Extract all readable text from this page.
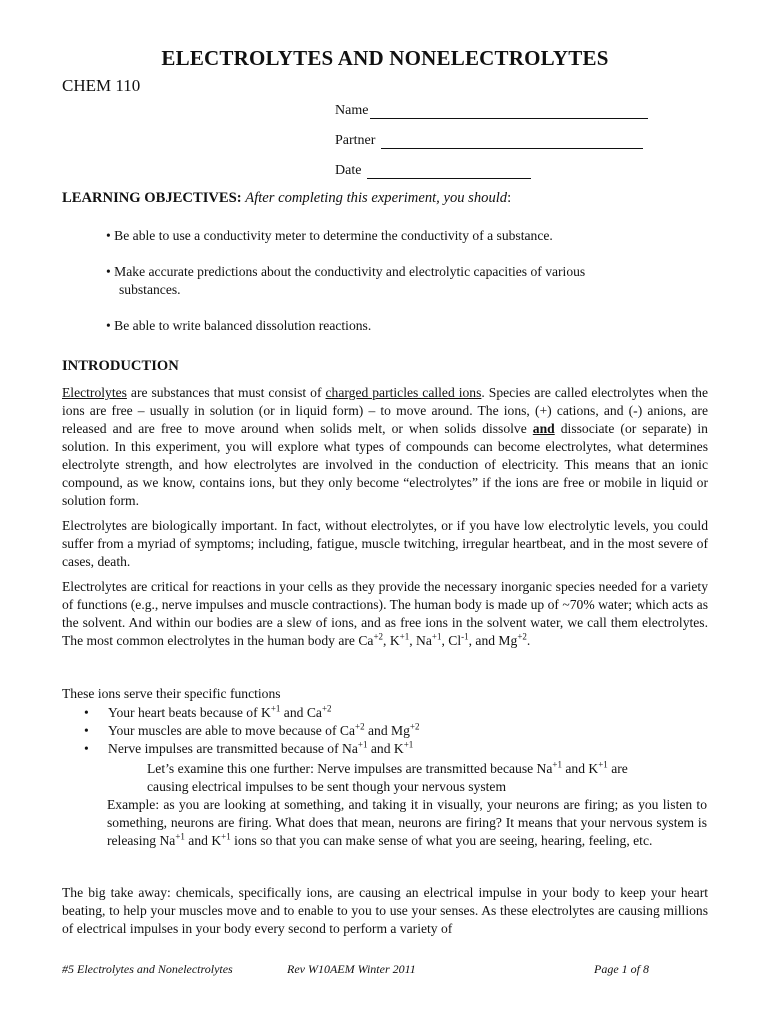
ELECTROLYTES AND NONELECTROLYTES
CHEM 110
Name
Partner
Date
LEARNING OBJECTIVES: After completing this experiment, you should:
• Be able to use a conductivity meter to determine the conductivity of a substance.
• Make accurate predictions about the conductivity and electrolytic capacities of various
substances.
• Be able to write balanced dissolution reactions.
INTRODUCTION
Electrolytes are substances that must consist of charged particles called ions. Species are called electrolytes when the ions are free – usually in solution (or in liquid form) – to move around. The ions, (+) cations, and (-) anions, are released and are free to move around when solids melt, or when solids dissolve and dissociate (or separate) in solution. In this experiment, you will explore what types of compounds can become electrolytes, what determines electrolyte strength, and how electrolytes are involved in the conduction of electricity. This means that an ionic compound, as we know, contains ions, but they only become “electrolytes” if the ions are free or mobile in liquid or solution form.
Electrolytes are biologically important. In fact, without electrolytes, or if you have low electrolytic levels, you could suffer from a myriad of symptoms; including, fatigue, muscle twitching, irregular heartbeat, and in the most severe of cases, death.
Electrolytes are critical for reactions in your cells as they provide the necessary inorganic species needed for a variety of functions (e.g., nerve impulses and muscle contractions). The human body is made up of ~70% water; which acts as the solvent. And within our bodies are a slew of ions, and as free ions in the solvent water, we call them electrolytes. The most common electrolytes in the human body are $Ca^{+2}$, $K^{+1}$, $Na^{+1}$, $Cl^{-1}$, and $Mg^{+2}$.
These ions serve their specific functions
•	Your heart beats because of $K^{+1}$ and $Ca^{+2}$
•	Your muscles are able to move because of $Ca^{+2}$ and $Mg^{+2}$
•	Nerve impulses are transmitted because of $Na^{+1}$ and $K^{+1}$
Let’s examine this one further: Nerve impulses are transmitted because $Na^{+1}$ and $K^{+1}$ are
causing electrical impulses to be sent though your nervous system
Example: as you are looking at something, and taking it in visually, your neurons are firing; as you listen to something, neurons are firing. What does that mean, neurons are firing? It means that your nervous system is releasing $Na^{+1}$ and $K^{+1}$ ions so that you can make sense of what you are seeing, hearing, feeling, etc.
The big take away: chemicals, specifically ions, are causing an electrical impulse in your body to keep your heart beating, to help your muscles move and to enable to you to use your senses. As these electrolytes are causing millions of electrical impulses in your body every second to perform a variety of
#5 Electrolytes and Nonelectrolytes	Rev W10AEM Winter 2011	Page 1 of 8
